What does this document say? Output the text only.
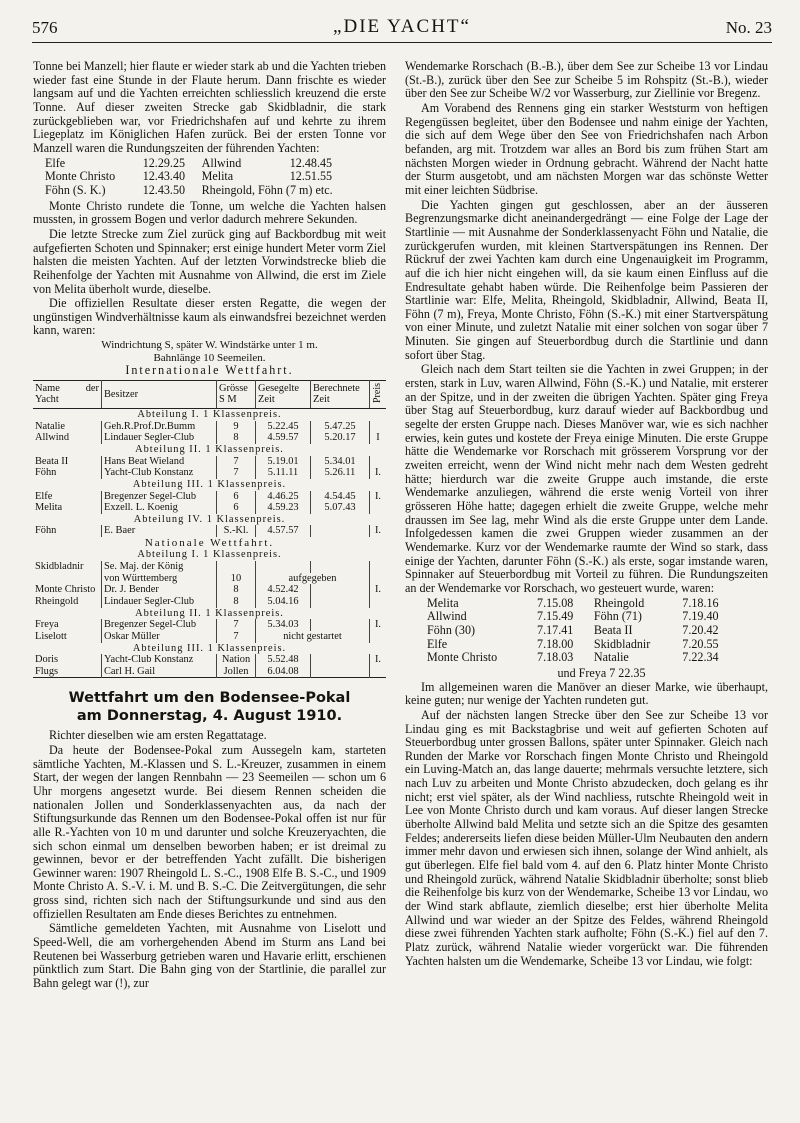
576	„DIE YACHT“	No. 23

Tonne bei Manzell; hier flaute er wieder stark ab und die Yachten trieben wieder fast eine Stunde in der Flaute herum. Dann frischte es wieder langsam auf und die Yachten erreichten schliesslich kreuzend die erste Tonne. Auf dieser zweiten Strecke gab Skidbladnir, die stark zurückgeblieben war, vor Friedrichshafen auf und kehrte zu ihrem Liegeplatz im Königlichen Hafen zurück. Bei der ersten Tonne vor Manzell waren die Rundungszeiten der führenden Yachten:

Elfe	12.29.25	Allwind	12.48.45
Monte Christo	12.43.40	Melita	12.51.55
Föhn (S. K.)	12.43.50	Rheingold, Föhn (7 m) etc.	

Monte Christo rundete die Tonne, um welche die Yachten halsen mussten, in grossem Bogen und verlor dadurch mehrere Sekunden.

Die letzte Strecke zum Ziel zurück ging auf Backbordbug mit weit aufgefierten Schoten und Spinnaker; erst einige hundert Meter vorm Ziel halsten die meisten Yachten. Auf der letzten Vorwindstrecke blieb die Reihenfolge der Yachten mit Ausnahme von Allwind, die erst im Ziele von Melita überholt wurde, dieselbe.

Die offiziellen Resultate dieser ersten Regatte, die wegen der ungünstigen Windverhältnisse kaum als einwandsfrei bezeichnet werden kann, waren:

Windrichtung S, später W. Windstärke unter 1 m.

Bahnlänge 10 Seemeilen.

Internationale Wettfahrt.

Name der Yacht	Besitzer	Grösse S M	Gesegelte Zeit	Berechnete Zeit	Preis
Abteilung I. 1 Klassenpreis.					
Natalie	Geh.R.Prof.Dr.Bumm	9	5.22.45	5.47.25	
Allwind	Lindauer Segler-Club	8	4.59.57	5.20.17	I
Abteilung II. 1 Klassenpreis.					
Beata II	Hans Beat Wieland	7	5.19.01	5.34.01	
Föhn	Yacht-Club Konstanz	7	5.11.11	5.26.11	I.
Abteilung III. 1 Klassenpreis.					
Elfe	Bregenzer Segel-Club	6	4.46.25	4.54.45	I.
Melita	Exzell. L. Koenig	6	4.59.23	5.07.43	
Abteilung IV. 1 Klassenpreis.					
Föhn	E. Baer	S.-Kl.	4.57.57		I.
Nationale Wettfahrt.					
Abteilung I. 1 Klassenpreis.					
Skidbladnir	Se. Maj. der König				
	von Württemberg	10	aufgegeben		
Monte Christo	Dr. J. Bender	8	4.52.42		I.
Rheingold	Lindauer Segler-Club	8	5.04.16		
Abteilung II. 1 Klassenpreis.					
Freya	Bregenzer Segel-Club	7	5.34.03		I.
Liselott	Oskar Müller	7	nicht gestartet		
Abteilung III. 1 Klassenpreis.					
Doris	Yacht-Club Konstanz	Nation	5.52.48		I.
Flugs	Carl H. Gail	Jollen	6.04.08		
Wettfahrt um den Bodensee-Pokal
am Donnerstag, 4. August 1910.

Richter dieselben wie am ersten Regattatage.

Da heute der Bodensee-Pokal zum Aussegeln kam, starteten sämtliche Yachten, M.-Klassen und S. L.-Kreuzer, zusammen in einem Start, der wegen der langen Rennbahn — 23 Seemeilen — schon um 6 Uhr morgens angesetzt wurde. Bei diesem Rennen scheiden die nationalen Jollen und Sonderklassenyachten aus, da nach der Stiftungsurkunde das Rennen um den Bodensee-Pokal offen ist nur für alle R.-Yachten von 10 m und darunter und solche Kreuzeryachten, die sich schon einmal um denselben beworben haben; er ist dreimal zu gewinnen, bevor er der betreffenden Yacht zufällt. Die bisherigen Gewinner waren: 1907 Rheingold L. S.-C., 1908 Elfe B. S.-C., und 1909 Monte Christo A. S.-V. i. M. und B. S.-C. Die Zeitvergütungen, die sehr gross sind, richten sich nach der Stiftungsurkunde und sind aus den offiziellen Resultaten am Ende dieses Berichtes zu entnehmen.

Sämtliche gemeldeten Yachten, mit Ausnahme von Liselott und Speed-Well, die am vorhergehenden Abend im Sturm ans Land bei Reutenen bei Wasserburg getrieben waren und Havarie erlitt, erschienen pünktlich zum Start. Die Bahn ging von der Startlinie, die parallel zur Bahn gelegt war (!), zur

Wendemarke Rorschach (B.-B.), über dem See zur Scheibe 13 vor Lindau (St.-B.), zurück über den See zur Scheibe 5 im Rohspitz (St.-B.), wieder über den See zur Scheibe W/2 vor Wasserburg, zur Ziellinie vor Bregenz.

Am Vorabend des Rennens ging ein starker Weststurm von heftigen Regengüssen begleitet, über den Bodensee und nahm einige der Yachten, die sich auf dem Wege über den See von Friedrichshafen nach Arbon befanden, arg mit. Trotzdem war alles an Bord bis zum frühen Start am nächsten Morgen wieder in Ordnung gebracht. Während der Nacht hatte der Sturm ausgetobt, und am nächsten Morgen war das schönste Wetter mit einer leichten Südbrise.

Die Yachten gingen gut geschlossen, aber an der äusseren Begrenzungsmarke dicht aneinandergedrängt — eine Folge der Lage der Startlinie — mit Ausnahme der Sonderklassenyacht Föhn und Natalie, die zurückgerufen wurden, mit kleinen Startverspätungen ins Rennen. Der Rückruf der zwei Yachten kam durch eine Ungenauigkeit im Programm, auf die ich hier nicht eingehen will, da sie kaum einen Einfluss auf die Endresultate gehabt haben würde. Die Reihenfolge beim Passieren der Startlinie war: Elfe, Melita, Rheingold, Skidbladnir, Allwind, Beata II, Föhn (7 m), Freya, Monte Christo, Föhn (S.-K.) mit einer Startverspätung von einer Minute, und zuletzt Natalie mit einer solchen von sogar über 7 Minuten. Sie gingen auf Steuerbordbug durch die Startlinie und dann sofort über Stag.

Gleich nach dem Start teilten sie die Yachten in zwei Gruppen; in der ersten, stark in Luv, waren Allwind, Föhn (S.-K.) und Natalie, mit ersterer an der Spitze, und in der zweiten die übrigen Yachten. Später ging Freya über Stag auf Steuerbordbug, kurz darauf wieder auf Backbordbug und segelte der ersten Gruppe nach. Dieses Manöver war, wie es sich nachher erwies, kein gutes und kostete der Freya einige Minuten. Die erste Gruppe hätte die Wendemarke vor Rorschach mit grösserem Vorsprung vor der zweiten erreicht, wenn der Wind nicht mehr nach dem Westen gedreht hätte; hierdurch war die zweite Gruppe auch imstande, die erste Wendemarke anzuliegen, während die erste wenig Vorteil von ihrer grösseren Höhe hatte; dagegen erhielt die zweite Gruppe, welche mehr draussen im See lag, mehr Wind als die erste Gruppe unter dem Lande. Infolgedessen kamen die zwei Gruppen wieder zusammen an der Wendemarke. Kurz vor der Wendemarke raumte der Wind so stark, dass einige der Yachten, darunter Föhn (S.-K.) als erste, sogar imstande waren, Spinnaker auf Steuerbordbug mit Vorteil zu führen. Die Rundungszeiten an der Wendemarke vor Rorschach, wo gesteuert wurde, waren:

Melita	7.15.08	Rheingold	7.18.16
Allwind	7.15.49	Föhn (71)	7.19.40
Föhn (30)	7.17.41	Beata II	7.20.42
Elfe	7.18.00	Skidbladnir	7.20.55
Monte Christo	7.18.03	Natalie	7.22.34

und Freya 7 22.35

Im allgemeinen waren die Manöver an dieser Marke, wie überhaupt, keine guten; nur wenige der Yachten rundeten gut.

Auf der nächsten langen Strecke über den See zur Scheibe 13 vor Lindau ging es mit Backstagbrise und weit auf gefierten Schoten auf Steuerbordbug unter grossen Ballons, später unter Spinnaker. Gleich nach Runden der Marke vor Rorschach fingen Monte Christo und Rheingold ein Luving-Match an, das lange dauerte; mehrmals versuchte letztere, sich nach Luv zu arbeiten und Monte Christo abzudecken, doch gelang es ihr nicht; erst viel später, als der Wind nachliess, rutschte Rheingold weit in Lee von Monte Christo durch und kam voraus. Auf dieser langen Strecke überholte Allwind bald Melita und setzte sich an die Spitze des gesamten Feldes; andererseits liefen diese beiden Müller-Ulm Neubauten den andern immer mehr davon und erwiesen sich ihnen, solange der Wind anhielt, als gut überlegen. Elfe fiel bald vom 4. auf den 6. Platz hinter Monte Christo und Rheingold zurück, während Natalie Skidbladnir überholte; sonst blieb die Reihenfolge bis kurz von der Wendemarke, Scheibe 13 vor Lindau, wo der Wind stark abflaute, ziemlich dieselbe; erst hier überholte Melita Allwind und war wieder an der Spitze des Feldes, während Rheingold diese zwei führenden Yachten stark aufholte; Föhn (S.-K.) fiel auf den 7. Platz zurück, während Natalie wieder vorgerückt war. Die führenden Yachten halsten um die Wendemarke, Scheibe 13 vor Lindau, wie folgt:
